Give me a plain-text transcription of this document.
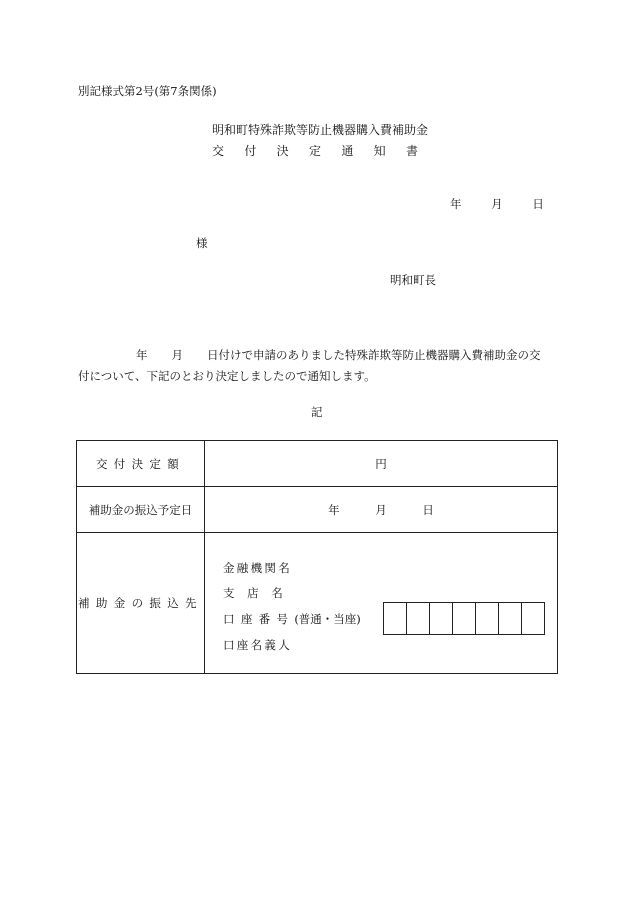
別記様式第2号(第7条関係)
明和町特殊詐欺等防止機器購入費補助金
交 付 決 定 通 知 書
年	月	日
様
明和町長
年 月 日付けで申請のありました特殊詐欺等防止機器購入費補助金の交
付について、下記のとおり決定しましたので通知します。
記
交付決定額	円
補助金の振込予定日	年 月 日
補助金の振込先	金融機関名
支店名
口座番号(普通・当座)
口座名義人
